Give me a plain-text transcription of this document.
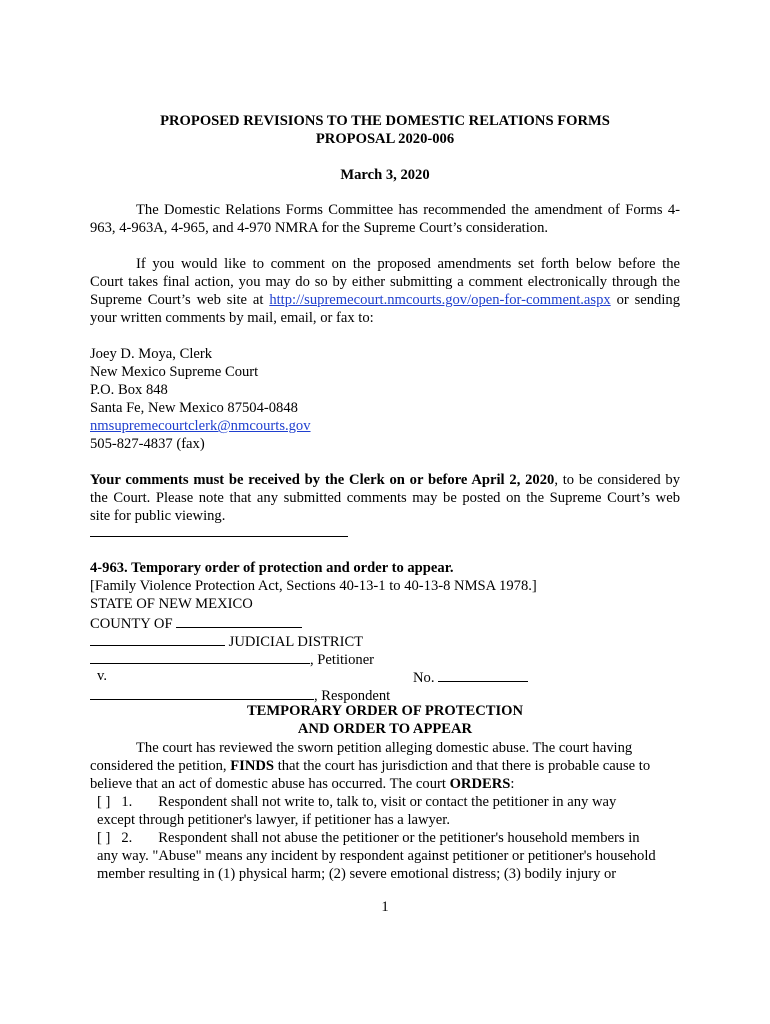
PROPOSED REVISIONS TO THE DOMESTIC RELATIONS FORMS
PROPOSAL 2020-006
March 3, 2020
The Domestic Relations Forms Committee has recommended the amendment of Forms 4-
963, 4-963A, 4-965, and 4-970 NMRA for the Supreme Court’s consideration.
If you would like to comment on the proposed amendments set forth below before the
Court takes final action, you may do so by either submitting a comment electronically through the
Supreme Court’s web site at http://supremecourt.nmcourts.gov/open-for-comment.aspx or sending
your written comments by mail, email, or fax to:
Joey D. Moya, Clerk
New Mexico Supreme Court
P.O. Box 848
Santa Fe, New Mexico 87504-0848
nmsupremecourtclerk@nmcourts.gov
505-827-4837 (fax)
Your comments must be received by the Clerk on or before April 2, 2020, to be considered by
the Court. Please note that any submitted comments may be posted on the Supreme Court’s web
site for public viewing.
4-963. Temporary order of protection and order to appear.
[Family Violence Protection Act, Sections 40-13-1 to 40-13-8 NMSA 1978.]
STATE OF NEW MEXICO
COUNTY OF
JUDICIAL DISTRICT
, Petitioner
v.	No.
, Respondent
TEMPORARY ORDER OF PROTECTION
AND ORDER TO APPEAR
The court has reviewed the sworn petition alleging domestic abuse. The court having
considered the petition, FINDS that the court has jurisdiction and that there is probable cause to
believe that an act of domestic abuse has occurred. The court ORDERS:
[ ] 1. Respondent shall not write to, talk to, visit or contact the petitioner in any way
except through petitioner's lawyer, if petitioner has a lawyer.
[ ] 2. Respondent shall not abuse the petitioner or the petitioner's household members in
any way. "Abuse" means any incident by respondent against petitioner or petitioner's household
member resulting in (1) physical harm; (2) severe emotional distress; (3) bodily injury or
1
